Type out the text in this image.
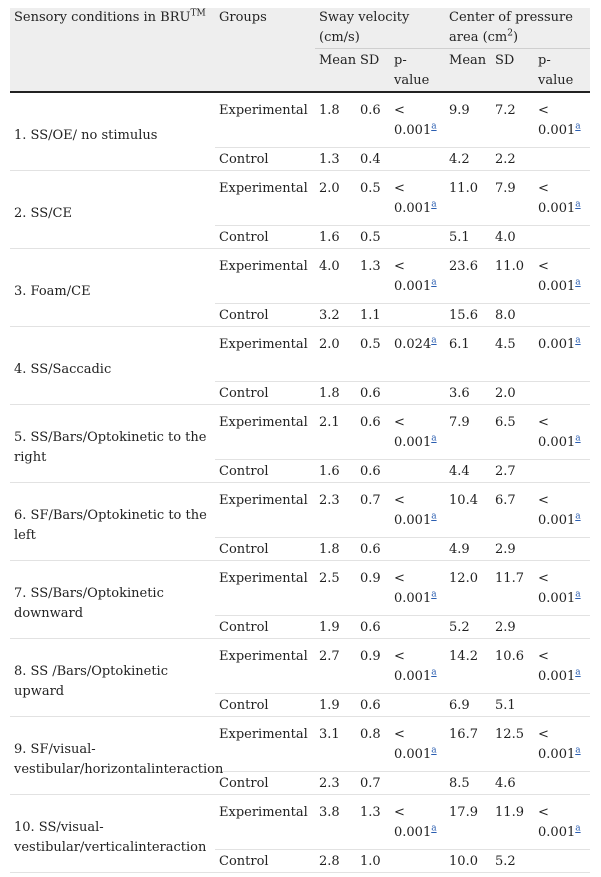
Sensory conditions in BRU™	Groups	Sway velocity (cm/s)			Center of pressure area $(cm^2)$		
		Mean	SD	p-value	Mean	SD	p-value
1. SS/OE/ no stimulus	Experimental	1.8	0.6	< 0.001$^a$	9.9	7.2	< 0.001$^a$
	Control	1.3	0.4		4.2	2.2	
2. SS/CE	Experimental	2.0	0.5	< 0.001$^a$	11.0	7.9	< 0.001$^a$
	Control	1.6	0.5		5.1	4.0	
3. Foam/CE	Experimental	4.0	1.3	< 0.001$^a$	23.6	11.0	< 0.001$^a$
	Control	3.2	1.1		15.6	8.0	
4. SS/Saccadic	Experimental	2.0	0.5	0.024$^a$	6.1	4.5	0.001$^a$
	Control	1.8	0.6		3.6	2.0	
5. SS/Bars/Optokinetic to the right	Experimental	2.1	0.6	< 0.001$^a$	7.9	6.5	< 0.001$^a$
	Control	1.6	0.6		4.4	2.7	
6. SF/Bars/Optokinetic to the left	Experimental	2.3	0.7	< 0.001$^a$	10.4	6.7	< 0.001$^a$
	Control	1.8	0.6		4.9	2.9	
7. SS/Bars/Optokinetic downward	Experimental	2.5	0.9	< 0.001$^a$	12.0	11.7	< 0.001$^a$
	Control	1.9	0.6		5.2	2.9	
8. SS /Bars/Optokinetic upward	Experimental	2.7	0.9	< 0.001$^a$	14.2	10.6	< 0.001$^a$
	Control	1.9	0.6		6.9	5.1	
9. SF/visual-vestibular/horizontalinteraction	Experimental	3.1	0.8	< 0.001$^a$	16.7	12.5	< 0.001$^a$
	Control	2.3	0.7		8.5	4.6	
10. SS/visual-vestibular/verticalinteraction	Experimental	3.8	1.3	< 0.001$^a$	17.9	11.9	< 0.001$^a$
	Control	2.8	1.0		10.0	5.2	
